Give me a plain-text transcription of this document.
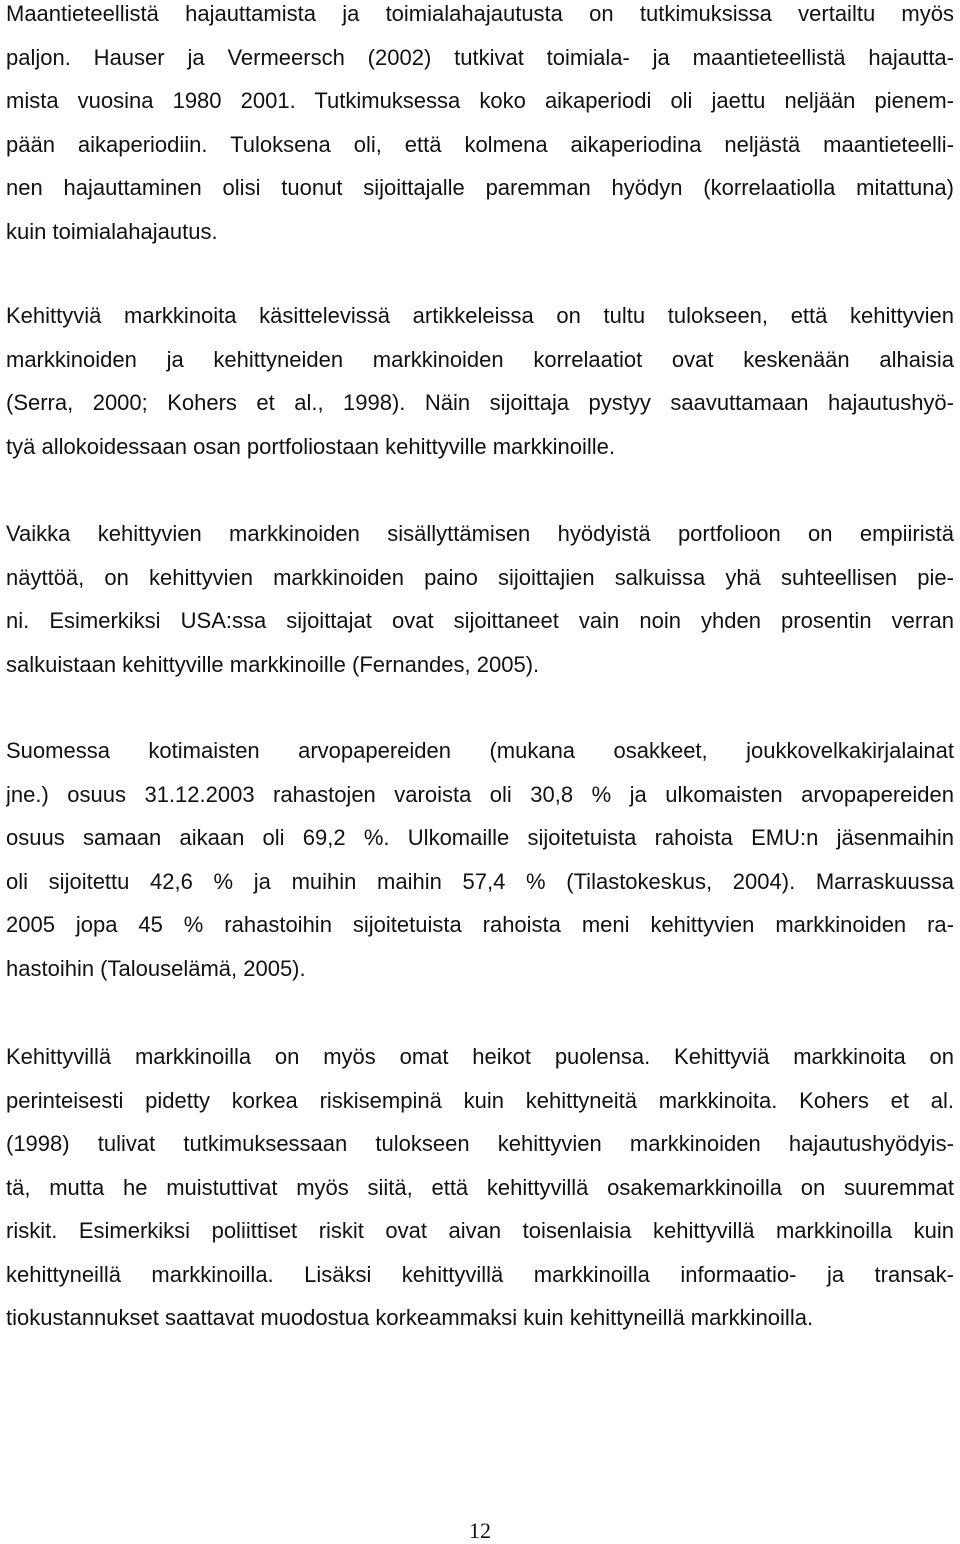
Maantieteellistä hajauttamista ja toimialahajautusta on tutkimuksissa vertailtu myös
paljon. Hauser ja Vermeersch (2002) tutkivat toimiala- ja maantieteellistä hajautta-
mista vuosina 1980 2001. Tutkimuksessa koko aikaperiodi oli jaettu neljään pienem-
pään aikaperiodiin. Tuloksena oli, että kolmena aikaperiodina neljästä maantieteelli-
nen hajauttaminen olisi tuonut sijoittajalle paremman hyödyn (korrelaatiolla mitattuna)
kuin toimialahajautus.

Kehittyviä markkinoita käsittelevissä artikkeleissa on tultu tulokseen, että kehittyvien
markkinoiden ja kehittyneiden markkinoiden korrelaatiot ovat keskenään alhaisia
(Serra, 2000; Kohers et al., 1998). Näin sijoittaja pystyy saavuttamaan hajautushyö-
tyä allokoidessaan osan portfoliostaan kehittyville markkinoille.

Vaikka kehittyvien markkinoiden sisällyttämisen hyödyistä portfolioon on empiiristä
näyttöä, on kehittyvien markkinoiden paino sijoittajien salkuissa yhä suhteellisen pie-
ni. Esimerkiksi USA:ssa sijoittajat ovat sijoittaneet vain noin yhden prosentin verran
salkuistaan kehittyville markkinoille (Fernandes, 2005).

Suomessa kotimaisten arvopapereiden (mukana osakkeet, joukkovelkakirjalainat
jne.) osuus 31.12.2003 rahastojen varoista oli 30,8 % ja ulkomaisten arvopapereiden
osuus samaan aikaan oli 69,2 %. Ulkomaille sijoitetuista rahoista EMU:n jäsenmaihin
oli sijoitettu 42,6 % ja muihin maihin 57,4 % (Tilastokeskus, 2004). Marraskuussa
2005 jopa 45 % rahastoihin sijoitetuista rahoista meni kehittyvien markkinoiden ra-
hastoihin (Talouselämä, 2005).

Kehittyvillä markkinoilla on myös omat heikot puolensa. Kehittyviä markkinoita on
perinteisesti pidetty korkea riskisempinä kuin kehittyneitä markkinoita. Kohers et al.
(1998) tulivat tutkimuksessaan tulokseen kehittyvien markkinoiden hajautushyödyis-
tä, mutta he muistuttivat myös siitä, että kehittyvillä osakemarkkinoilla on suuremmat
riskit. Esimerkiksi poliittiset riskit ovat aivan toisenlaisia kehittyvillä markkinoilla kuin
kehittyneillä markkinoilla. Lisäksi kehittyvillä markkinoilla informaatio- ja transak-
tiokustannukset saattavat muodostua korkeammaksi kuin kehittyneillä markkinoilla.

12
